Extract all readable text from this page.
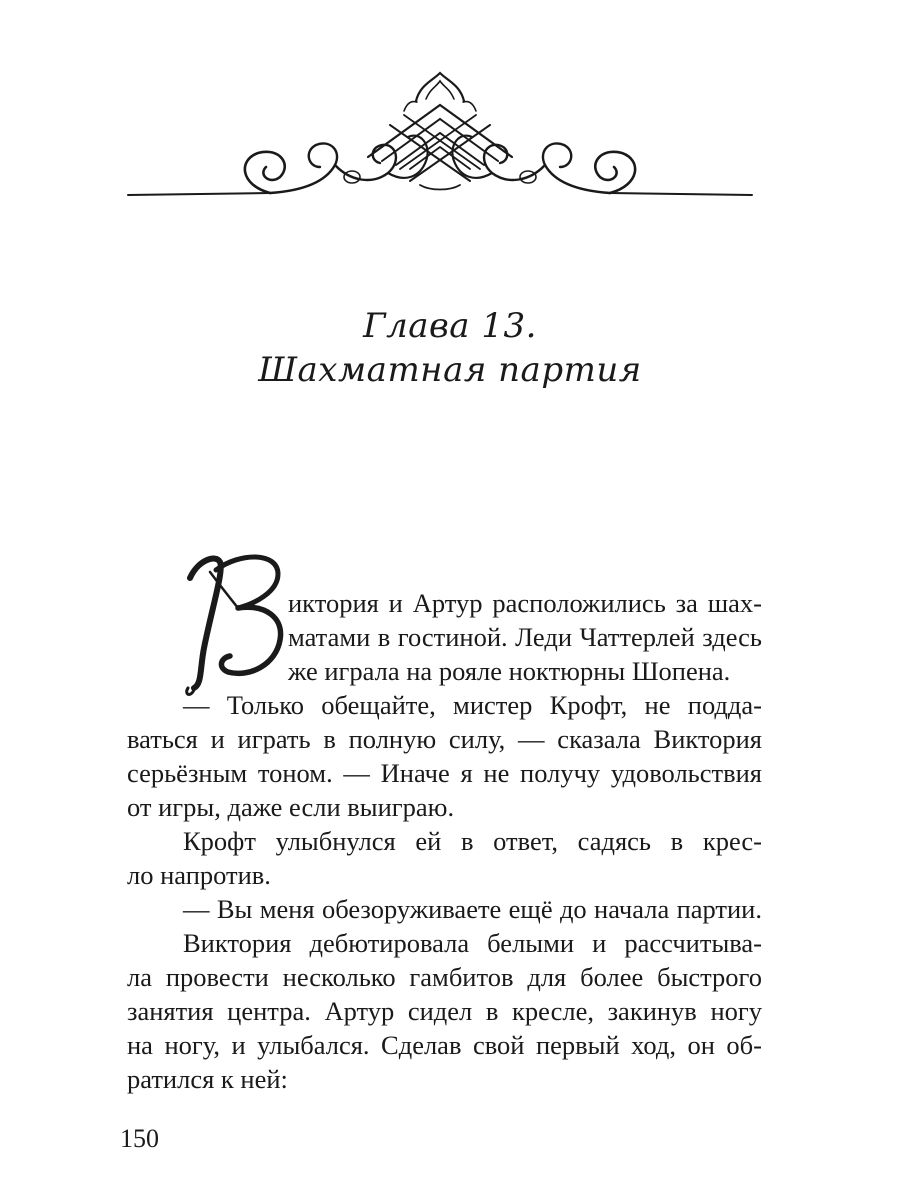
Глава 13.
Шахматная партия
иктория и Артур расположились за шах-
матами в гостиной. Леди Чаттерлей здесь
же играла на рояле ноктюрны Шопена.
— Только обещайте, мистер Крофт, не подда-
ваться и играть в полную силу, — сказала Виктория
серьёзным тоном. — Иначе я не получу удовольствия
от игры, даже если выиграю.
Крофт улыбнулся ей в ответ, садясь в крес-
ло напротив.
— Вы меня обезоруживаете ещё до начала партии.
Виктория дебютировала белыми и рассчитыва-
ла провести несколько гамбитов для более быстрого
занятия центра. Артур сидел в кресле, закинув ногу
на ногу, и улыбался. Сделав свой первый ход, он об-
ратился к ней:
150
